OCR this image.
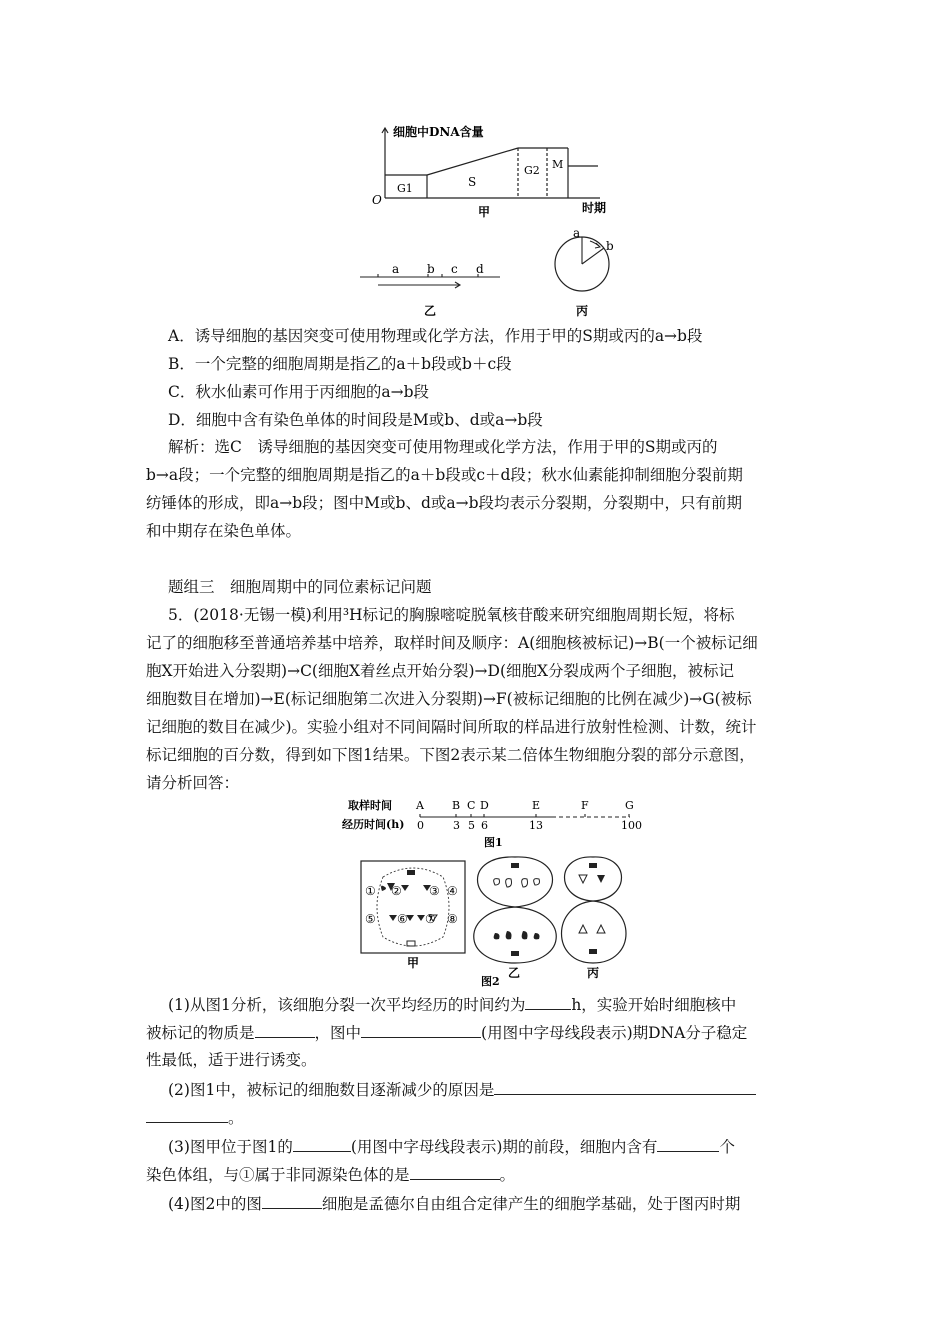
细胞中DNA含量
O
时期
G1	S
G2 M
甲
a b c d
乙
a
b
丙
A．诱导细胞的基因突变可使用物理或化学方法，作用于甲的S期或丙的a→b段
B．一个完整的细胞周期是指乙的a＋b段或b＋c段
C．秋水仙素可作用于丙细胞的a→b段
D．细胞中含有染色单体的时间段是M或b、d或a→b段
解析：选C　诱导细胞的基因突变可使用物理或化学方法，作用于甲的S期或丙的
b→a段；一个完整的细胞周期是指乙的a＋b段或c＋d段；秋水仙素能抑制细胞分裂前期
纺锤体的形成，即a→b段；图中M或b、d或a→b段均表示分裂期，分裂期中，只有前期
和中期存在染色单体。
题组三　细胞周期中的同位素标记问题
5．(2018·无锡一模)利用³H标记的胸腺嘧啶脱氧核苷酸来研究细胞周期长短，将标
记了的细胞移至普通培养基中培养，取样时间及顺序：A(细胞核被标记)→B(一个被标记细
胞X开始进入分裂期)→C(细胞X着丝点开始分裂)→D(细胞X分裂成两个子细胞，被标记
细胞数目在增加)→E(标记细胞第二次进入分裂期)→F(被标记细胞的比例在减少)→G(被标
记细胞的数目在减少)。实验小组对不同间隔时间所取的样品进行放射性检测、计数，统计
标记细胞的百分数，得到如下图1结果。下图2表示某二倍体生物细胞分裂的部分示意图，
请分析回答：
取样时间
经历时间(h)
A	B C D	E	F	G
0	3 5 6	13	100
图1
① ② ③ ④
⑤ ⑥ ⑦ ⑧
甲
乙	丙
图2
(1)从图1分析，该细胞分裂一次平均经历的时间约为	h，实验开始时细胞核中
被标记的物质是	，图中	(用图中字母线段表示)期DNA分子稳定
性最低，适于进行诱变。
(2)图1中，被标记的细胞数目逐渐减少的原因是
。
(3)图甲位于图1的	(用图中字母线段表示)期的前段，细胞内含有	个
染色体组，与①属于非同源染色体的是	。
(4)图2中的图	细胞是孟德尔自由组合定律产生的细胞学基础，处于图丙时期
